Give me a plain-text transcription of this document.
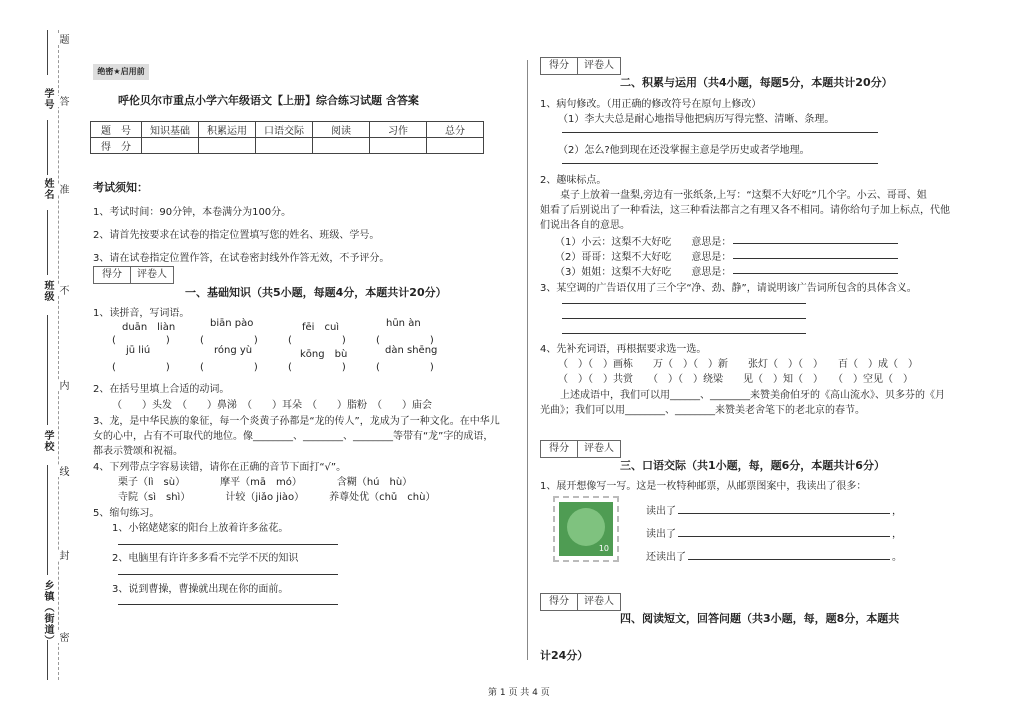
学号
姓名
班级
学校
乡镇（街道）
题
答
准
不
内
线
封
密
绝密★启用前
呼伦贝尔市重点小学六年级语文【上册】综合练习试题 含答案
题　号	知识基础	积累运用	口语交际	阅读	习作	总分
得　分						
考试须知：
1、考试时间：90分钟，本卷满分为100分。
2、请首先按要求在试卷的指定位置填写您的姓名、班级、学号。
3、请在试卷指定位置作答，在试卷密封线外作答无效，不予评分。
得分	评卷人
一、基础知识（共5小题，每题4分，本题共计20分）
1、读拼音，写词语。
duān　liàn	biān pào	fēi　cuì	hūn àn
(　　　　　)	(　　　　　)	(　　　　　)	(　　　　　)
jū liú	róng yù	kōng　bù	dàn shēng
(　　　　　)	(　　　　　)	(　　　　　)	(　　　　　)
2、在括号里填上合适的动词。
（　　）头发　（　　）鼻涕　（　　）耳朵　（　　）脂粉　（　　）庙会
3、龙，是中华民族的象征，每一个炎黄子孙都是“龙的传人”，龙成为了一种文化。在中华儿
女的心中，占有不可取代的地位。像________、________、________等带有“龙”字的成语，
都表示赞颂和祝福。
4、下列带点字容易读错，请你在正确的音节下面打“√”。
栗子（lì　sù）　　　　摩平（mā　mó）　　　　含糊（hú　hù）
寺院（sì　shì）　　　　计较（jiǎo jiào）　　　养尊处优（chǔ　chù）
5、缩句练习。
1、小铭姥姥家的阳台上放着许多盆花。
2、电脑里有许许多多看不完学不厌的知识
3、说到曹操，曹操就出现在你的面前。
得分	评卷人
二、积累与运用（共4小题，每题5分，本题共计20分）
1、病句修改。（用正确的修改符号在原句上修改）
（1）李大夫总是耐心地指导他把病历写得完整、清晰、条理。
（2）怎么?他到现在还没掌握主意是学历史或者学地理。
2、趣味标点。
　　桌子上放着一盘梨,旁边有一张纸条,上写：“这梨不大好吃”几个字。小云、哥哥、姐
姐看了后别说出了一种看法，这三种看法都言之有理又各不相同。请你给句子加上标点，代他
们说出各自的意思。
（1）小云：这梨不大好吃　　意思是：
（2）哥哥：这梨不大好吃　　意思是：
（3）姐姐：这梨不大好吃　　意思是：
3、某空调的广告语仅用了三个字“净、劲、静”，请说明该广告词所包含的具体含义。
4、先补充词语，再根据要求选一选。
（　）（　）画栋　　万（　）（　）新　　张灯（　）（　）　　百（　）成（　）
（　）（　）共赏　　（　）（　）绕梁　　见（　）知（　）　　（　）空见（　）
　　上述成语中，我们可以用______、________来赞美俞伯牙的《高山流水》、贝多芬的《月
光曲》；我们可以用________、________来赞美老舍笔下的老北京的春节。
得分	评卷人
三、口语交际（共1小题，每，题6分，本题共计6分）
1、展开想像写一写。这是一枚特种邮票，从邮票图案中，我读出了很多：
10
读出了	，
读出了	，
还读出了	。
得分	评卷人
四、阅读短文，回答问题（共3小题，每，题8分，本题共
计24分）
第 1 页 共 4 页
